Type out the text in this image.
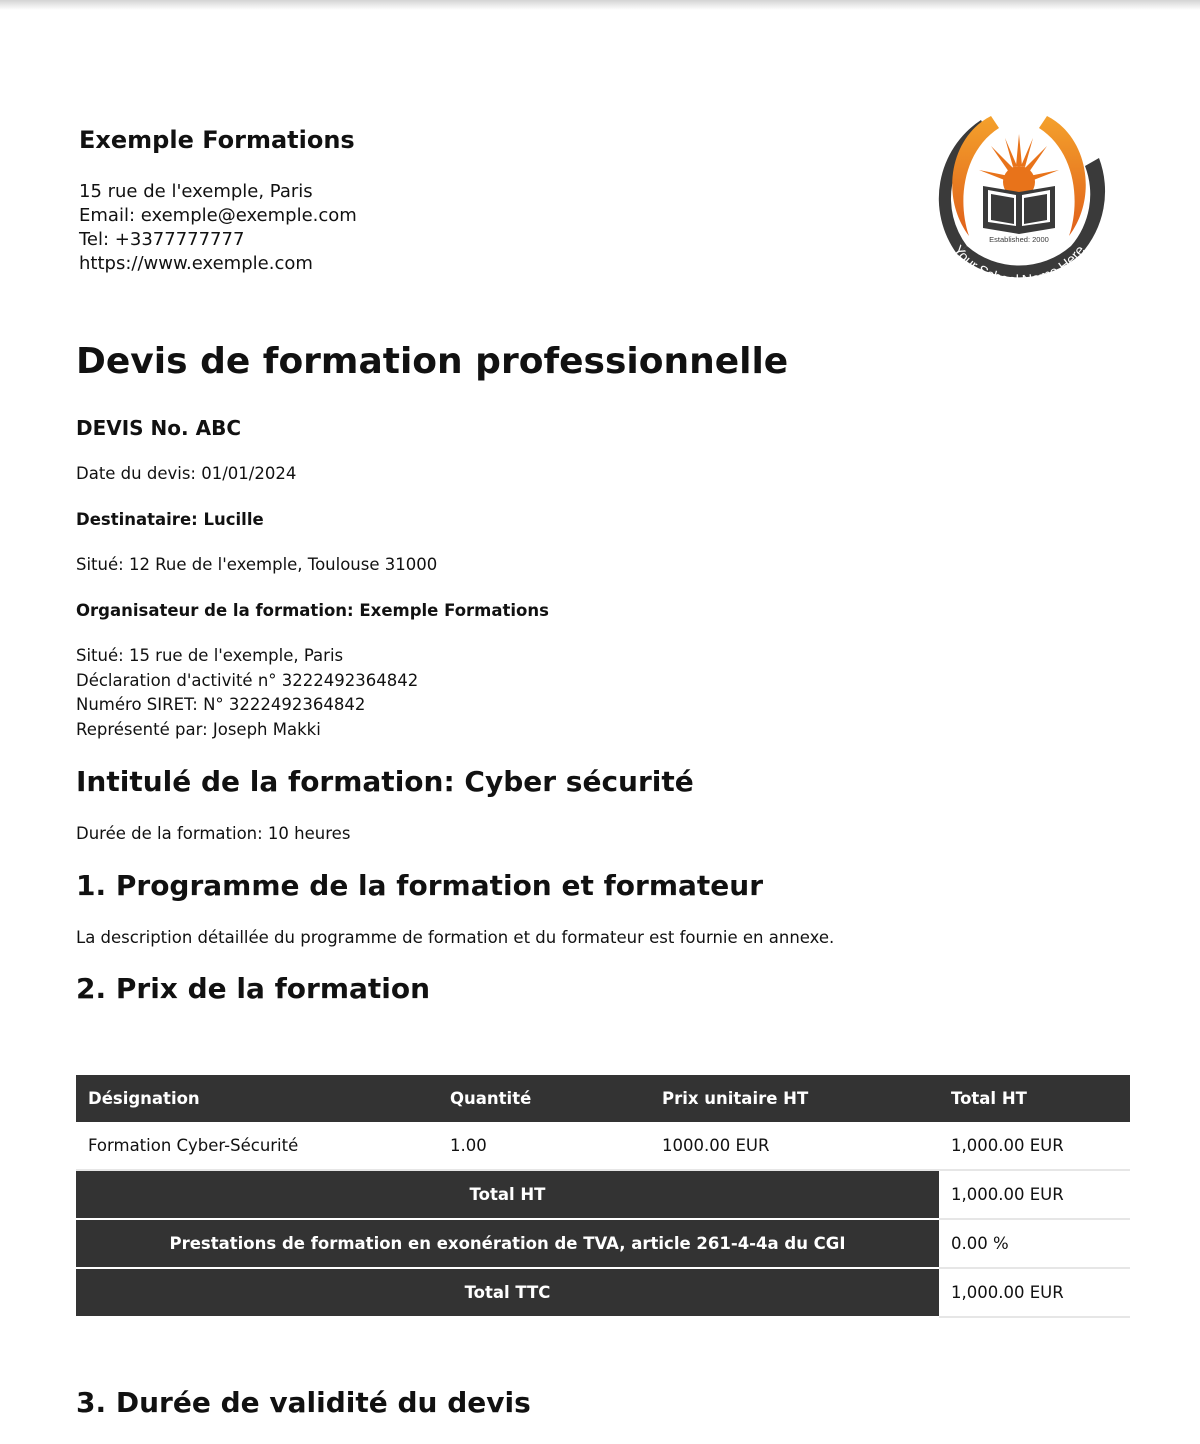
Exemple Formations
15 rue de l'exemple, Paris
Email: exemple@exemple.com
Tel: +3377777777
https://www.exemple.com
Established: 2000
Your School Name Here
Devis de formation professionnelle
DEVIS No. ABC
Date du devis: 01/01/2024
Destinataire: Lucille
Situé: 12 Rue de l'exemple, Toulouse 31000
Organisateur de la formation: Exemple Formations
Situé: 15 rue de l'exemple, Paris
Déclaration d'activité n° 3222492364842
Numéro SIRET: N° 3222492364842
Représenté par: Joseph Makki
Intitulé de la formation: Cyber sécurité
Durée de la formation: 10 heures
1. Programme de la formation et formateur
La description détaillée du programme de formation et du formateur est fournie en annexe.
2. Prix de la formation
Désignation	Quantité	Prix unitaire HT	Total HT
Formation Cyber-Sécurité	1.00	1000.00 EUR	1,000.00 EUR
Total HT			1,000.00 EUR
Prestations de formation en exonération de TVA, article 261-4-4a du CGI			0.00 %
Total TTC			1,000.00 EUR
3. Durée de validité du devis
